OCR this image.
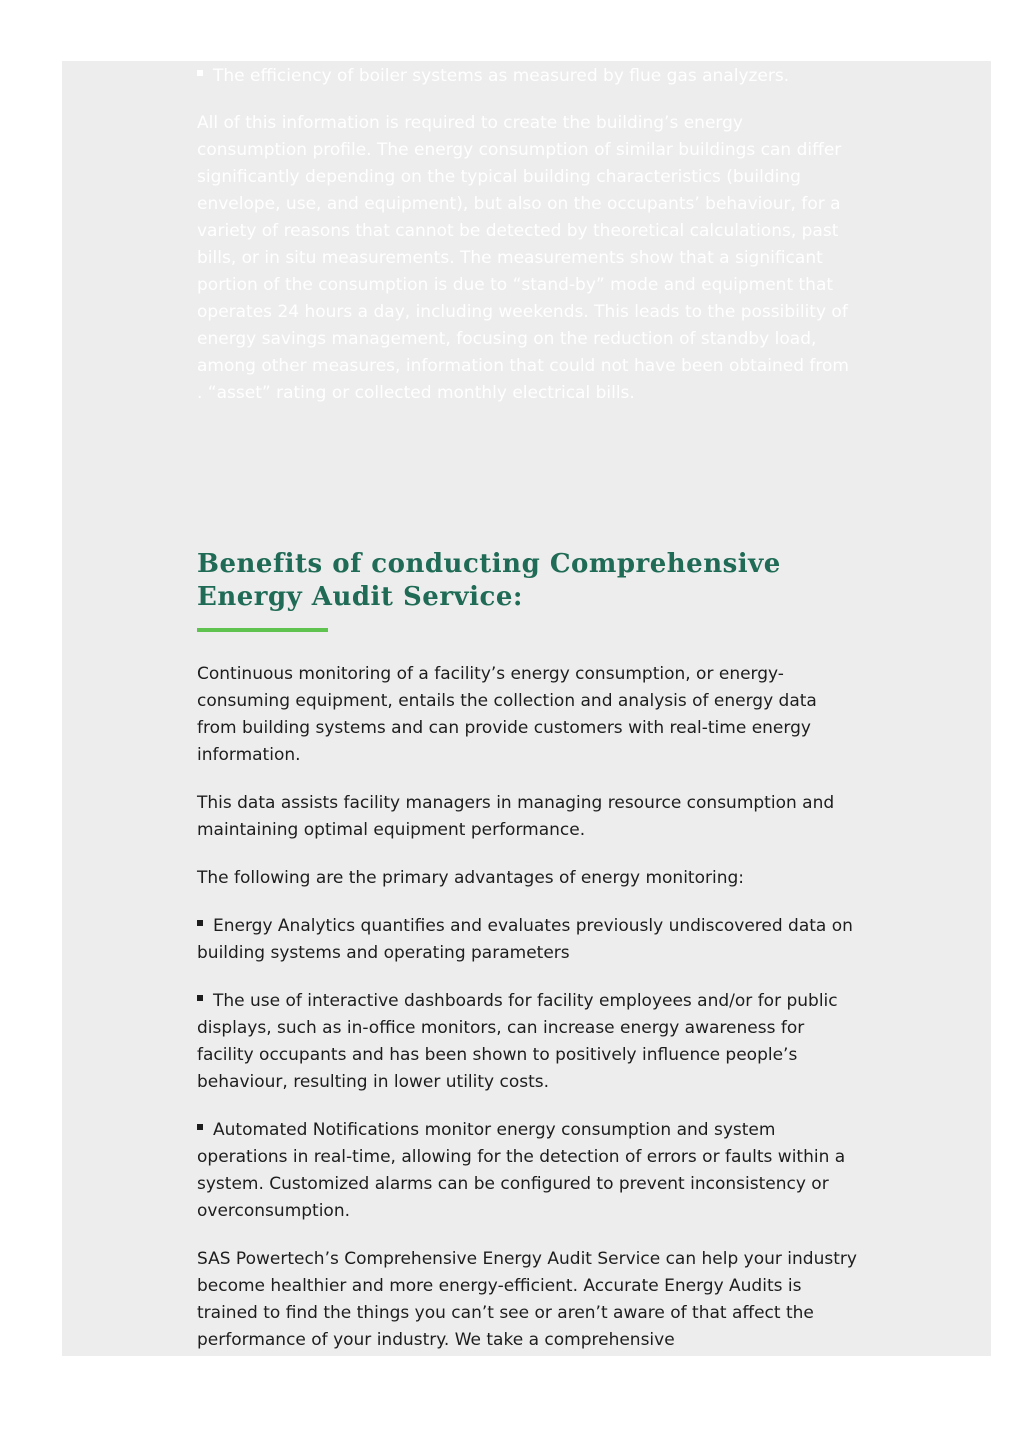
The efficiency of boiler systems as measured by flue gas analyzers.

All of this information is required to create the building’s energy consumption profile. The energy consumption of similar buildings can differ significantly depending on the typical building characteristics (building envelope, use, and equipment), but also on the occupants’ behaviour, for a variety of reasons that cannot be detected by theoretical calculations, past bills, or in situ measurements. The measurements show that a significant portion of the consumption is due to “stand-by” mode and equipment that operates 24 hours a day, including weekends. This leads to the possibility of energy savings management, focusing on the reduction of standby load, among other measures, information that could not have been obtained from . “asset” rating or collected monthly electrical bills.

Benefits of conducting Comprehensive Energy Audit Service:

Continuous monitoring of a facility’s energy consumption, or energy-consuming equipment, entails the collection and analysis of energy data from building systems and can provide customers with real-time energy information.

This data assists facility managers in managing resource consumption and maintaining optimal equipment performance.

The following are the primary advantages of energy monitoring:

Energy Analytics quantifies and evaluates previously undiscovered data on building systems and operating parameters
The use of interactive dashboards for facility employees and/or for public displays, such as in-office monitors, can increase energy awareness for facility occupants and has been shown to positively influence people’s behaviour, resulting in lower utility costs.
Automated Notifications monitor energy consumption and system operations in real-time, allowing for the detection of errors or faults within a system. Customized alarms can be configured to prevent inconsistency or overconsumption.

SAS Powertech’s Comprehensive Energy Audit Service can help your industry become healthier and more energy-efficient. Accurate Energy Audits is trained to find the things you can’t see or aren’t aware of that affect the performance of your industry. We take a comprehensive
